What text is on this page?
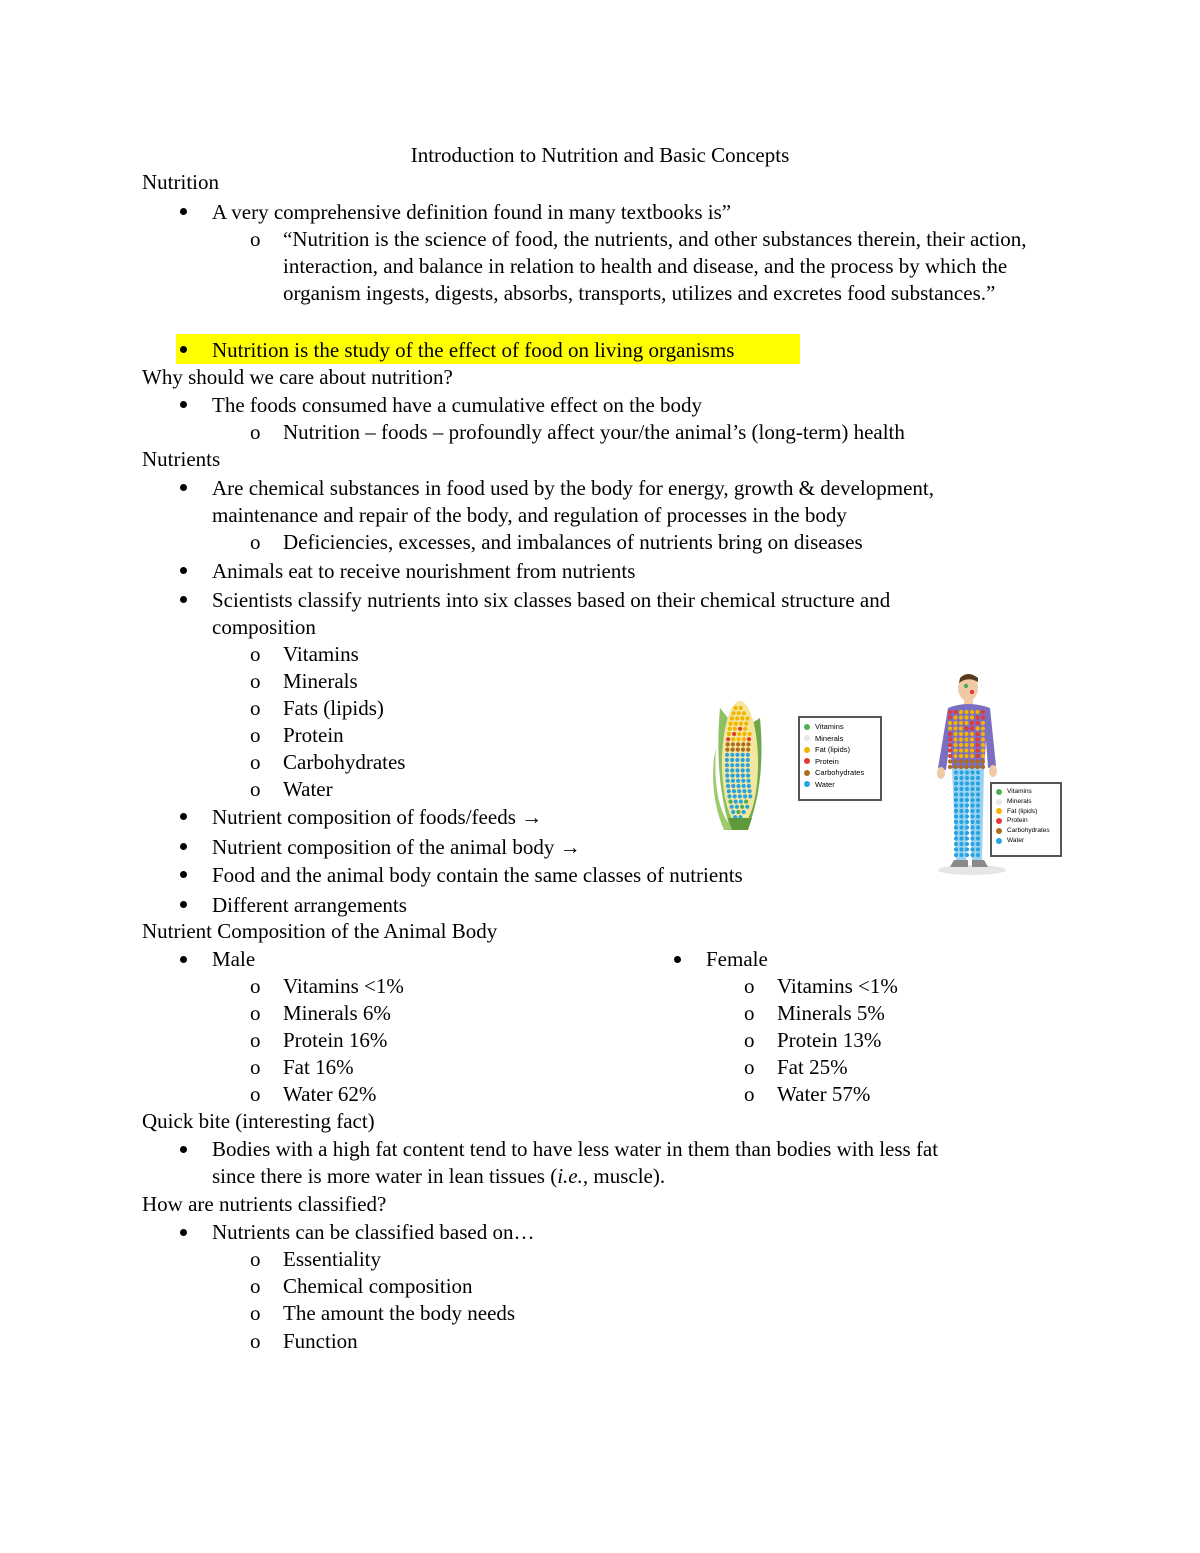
Introduction to Nutrition and Basic Concepts
Nutrition
A very comprehensive definition found in many textbooks is”
o “Nutrition is the science of food, the nutrients, and other substances therein, their action, interaction, and balance in relation to health and disease, and the process by which the organism ingests, digests, absorbs, transports, utilizes and excretes food substances.”
Nutrition is the study of the effect of food on living organisms
Why should we care about nutrition?
The foods consumed have a cumulative effect on the body
o Nutrition – foods – profoundly affect your/the animal’s (long-term) health
Nutrients
Are chemical substances in food used by the body for energy, growth & development, maintenance and repair of the body, and regulation of processes in the body
o Deficiencies, excesses, and imbalances of nutrients bring on diseases
Animals eat to receive nourishment from nutrients
Scientists classify nutrients into six classes based on their chemical structure and composition
o Vitamins
o Minerals
o Fats (lipids)
o Protein
o Carbohydrates
o Water
Nutrient composition of foods/feeds →
Nutrient composition of the animal body →
Food and the animal body contain the same classes of nutrients
Different arrangements
Vitamins
Minerals
Fat (lipids)
Protein
Carbohydrates
Water
Vitamins
Minerals
Fat (lipids)
Protein
Carbohydrates
Water
Nutrient Composition of the Animal Body
Male
o Vitamins <1%
o Minerals 6%
o Protein 16%
o Fat 16%
o Water 62%
Female
o Vitamins <1%
o Minerals 5%
o Protein 13%
o Fat 25%
o Water 57%
Quick bite (interesting fact)
Bodies with a high fat content tend to have less water in them than bodies with less fat
since there is more water in lean tissues (i.e., muscle).
How are nutrients classified?
Nutrients can be classified based on…
o Essentiality
o Chemical composition
o The amount the body needs
o Function
